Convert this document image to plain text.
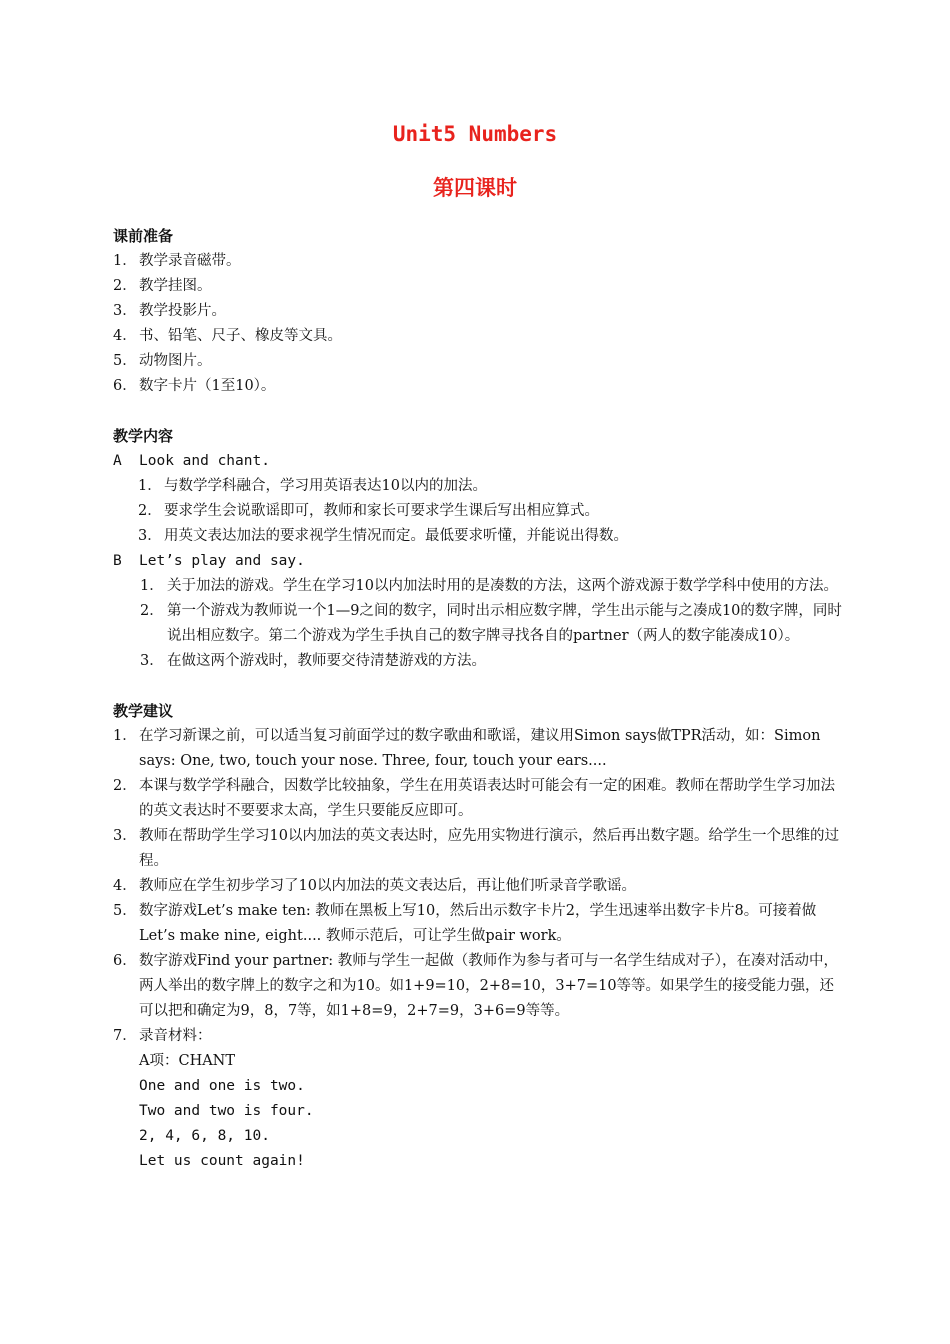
Unit5 Numbers
第四课时
课前准备
1． 教学录音磁带。
2． 教学挂图。
3． 教学投影片。
4． 书、铅笔、尺子、橡皮等文具。
5． 动物图片。
6． 数字卡片（1至10）。
教学内容
A	Look and chant.
1． 与数学学科融合，学习用英语表达10以内的加法。
2． 要求学生会说歌谣即可，教师和家长可要求学生课后写出相应算式。
3． 用英文表达加法的要求视学生情况而定。最低要求听懂，并能说出得数。
B	Let’s play and say.
1． 关于加法的游戏。学生在学习10以内加法时用的是凑数的方法，这两个游戏源于数学学科中使用的方法。
2． 第一个游戏为教师说一个1—9之间的数字，同时出示相应数字牌，学生出示能与之凑成10的数字牌，同时说出相应数字。第二个游戏为学生手执自己的数字牌寻找各自的partner（两人的数字能凑成10）。
3． 在做这两个游戏时，教师要交待清楚游戏的方法。
教学建议
1． 在学习新课之前，可以适当复习前面学过的数字歌曲和歌谣，建议用Simon says做TPR活动，如：Simon says: One, two, touch your nose. Three, four, touch your ears....
2． 本课与数学学科融合，因数学比较抽象，学生在用英语表达时可能会有一定的困难。教师在帮助学生学习加法的英文表达时不要要求太高，学生只要能反应即可。
3． 教师在帮助学生学习10以内加法的英文表达时，应先用实物进行演示，然后再出数字题。给学生一个思维的过程。
4． 教师应在学生初步学习了10以内加法的英文表达后，再让他们听录音学歌谣。
5． 数字游戏Let’s make ten: 教师在黑板上写10，然后出示数字卡片2，学生迅速举出数字卡片8。可接着做Let’s make nine, eight.... 教师示范后，可让学生做pair work。
6． 数字游戏Find your partner: 教师与学生一起做（教师作为参与者可与一名学生结成对子），在凑对活动中，两人举出的数字牌上的数字之和为10。如1+9=10，2+8=10，3+7=10等等。如果学生的接受能力强，还可以把和确定为9，8，7等，如1+8=9，2+7=9，3+6=9等等。
7． 录音材料：
A项：CHANT
One and one is two.
Two and two is four.
2, 4, 6, 8, 10.
Let us count again!
